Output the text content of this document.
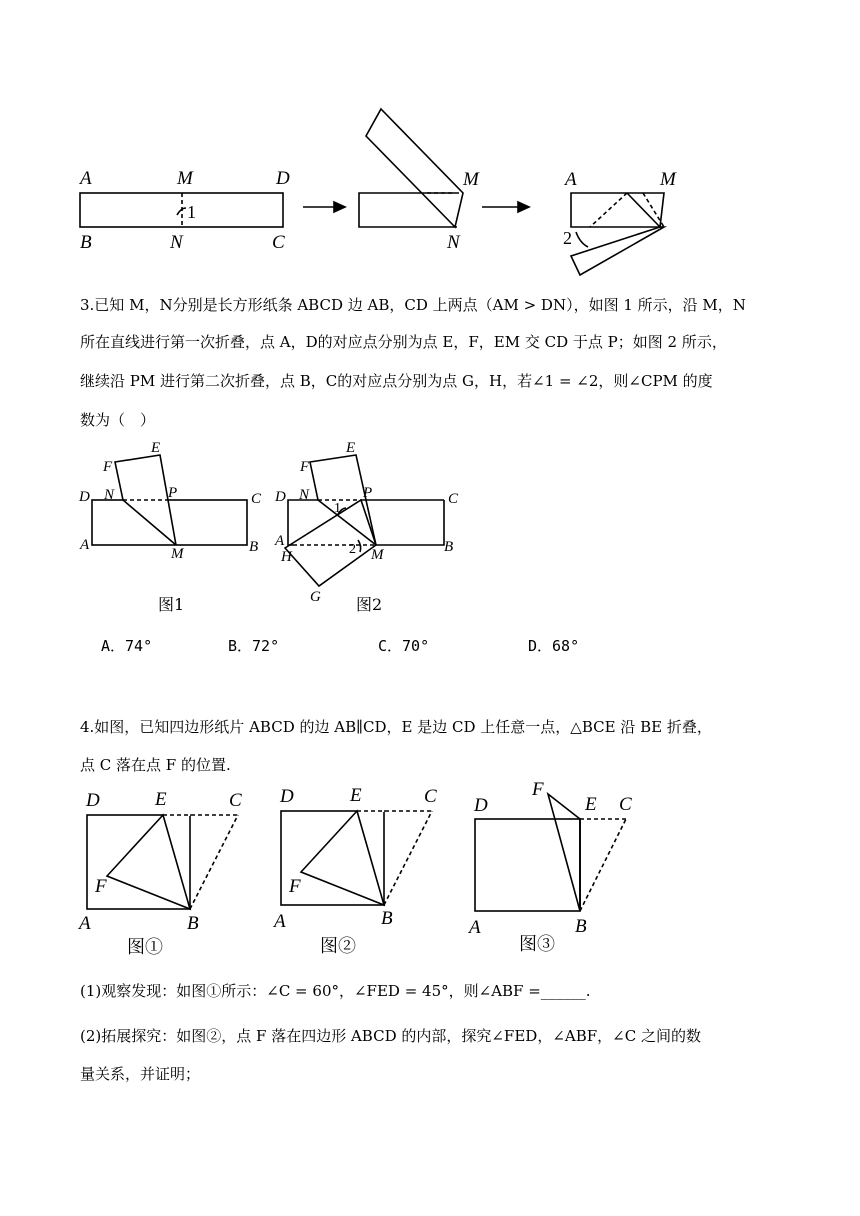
A	M	D
B	N	C
1
M
N
A	M
2
3.已知 M，N分别是长方形纸条 ABCD 边 AB，CD 上两点（AM > DN），如图 1 所示，沿 M，N
所在直线进行第一次折叠，点 A，D的对应点分别为点 E，F，EM 交 CD 于点 P；如图 2 所示，
继续沿 PM 进行第二次折叠，点 B，C的对应点分别为点 G，H，若∠1 = ∠2，则∠CPM 的度
数为（　）
F
E
D N	P	C
A
M	B
图1
F
E
D N	P	C
A
H
1
2 M	B
G 图2
A．74°	B．72°	C．70°	D．68°
4.如图，已知四边形纸片 ABCD 的边 AB∥CD，E 是边 CD 上任意一点，△BCE 沿 BE 折叠，
点 C 落在点 F 的位置.
D	E	C
F
A	B
图①
D	E	C
F
A	B
图②
D
F
E C
A	B
图③
(1)观察发现：如图①所示：∠C = 60°，∠FED = 45°，则∠ABF =______.
(2)拓展探究：如图②，点 F 落在四边形 ABCD 的内部，探究∠FED，∠ABF，∠C 之间的数
量关系，并证明；
